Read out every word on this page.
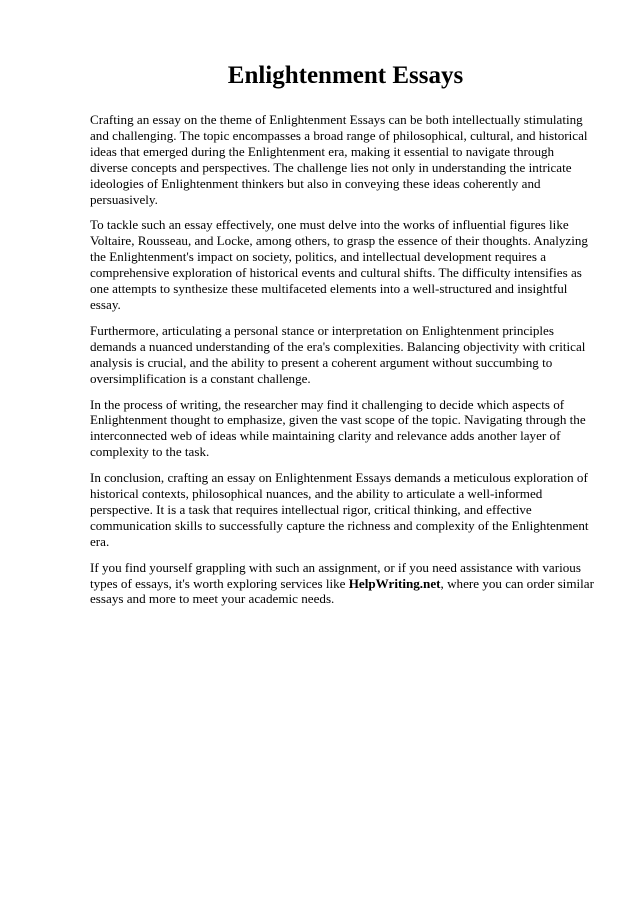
Enlightenment Essays

Crafting an essay on the theme of Enlightenment Essays can be both intellectually stimulating and challenging. The topic encompasses a broad range of philosophical, cultural, and historical ideas that emerged during the Enlightenment era, making it essential to navigate through diverse concepts and perspectives. The challenge lies not only in understanding the intricate ideologies of Enlightenment thinkers but also in conveying these ideas coherently and persuasively.

To tackle such an essay effectively, one must delve into the works of influential figures like Voltaire, Rousseau, and Locke, among others, to grasp the essence of their thoughts. Analyzing the Enlightenment's impact on society, politics, and intellectual development requires a comprehensive exploration of historical events and cultural shifts. The difficulty intensifies as one attempts to synthesize these multifaceted elements into a well-structured and insightful essay.

Furthermore, articulating a personal stance or interpretation on Enlightenment principles demands a nuanced understanding of the era's complexities. Balancing objectivity with critical analysis is crucial, and the ability to present a coherent argument without succumbing to oversimplification is a constant challenge.

In the process of writing, the researcher may find it challenging to decide which aspects of Enlightenment thought to emphasize, given the vast scope of the topic. Navigating through the interconnected web of ideas while maintaining clarity and relevance adds another layer of complexity to the task.

In conclusion, crafting an essay on Enlightenment Essays demands a meticulous exploration of historical contexts, philosophical nuances, and the ability to articulate a well-informed perspective. It is a task that requires intellectual rigor, critical thinking, and effective communication skills to successfully capture the richness and complexity of the Enlightenment era.

If you find yourself grappling with such an assignment, or if you need assistance with various types of essays, it's worth exploring services like HelpWriting.net, where you can order similar essays and more to meet your academic needs.
